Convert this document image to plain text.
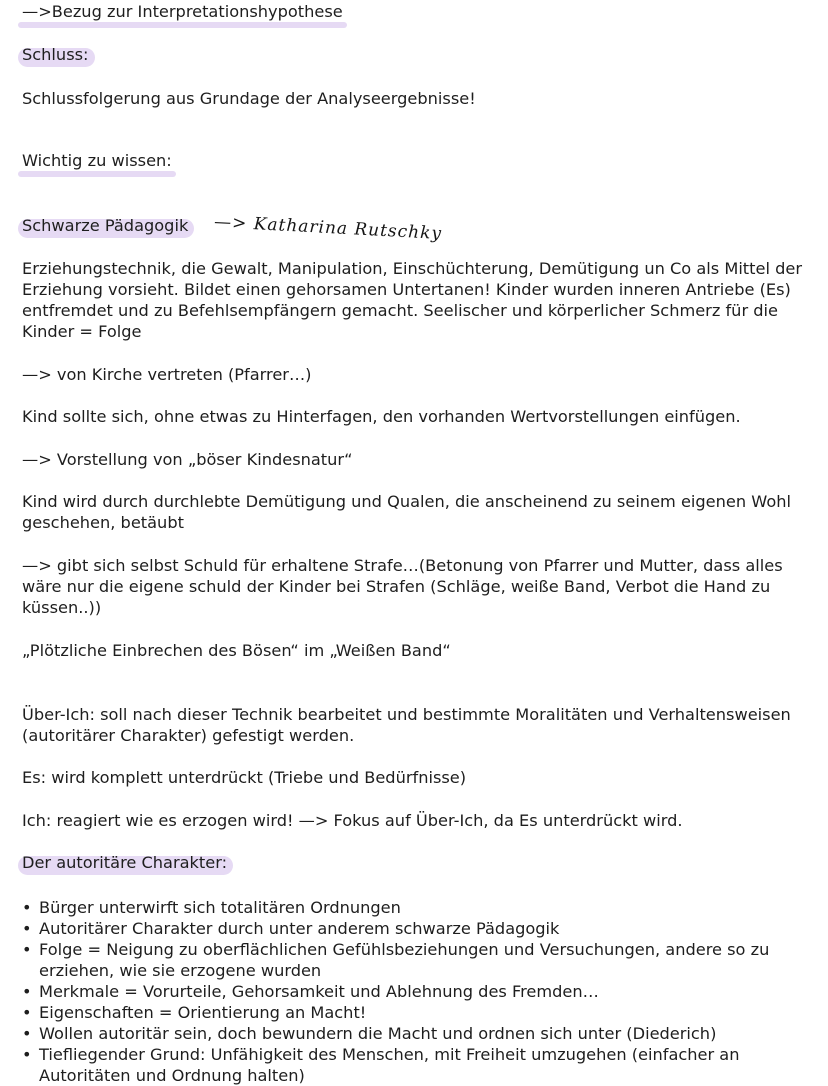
—>Bezug zur Interpretationshypothese

Schluss:

Schlussfolgerung aus Grundage der Analyseergebnisse!

Wichtig zu wissen:

Schwarze Pädagogik —> Katharina Rutschky

Erziehungstechnik, die Gewalt, Manipulation, Einschüchterung, Demütigung un Co als Mittel der Erziehung vorsieht. Bildet einen gehorsamen Untertanen! Kinder wurden inneren Antriebe (Es) entfremdet und zu Befehlsempfängern gemacht. Seelischer und körperlicher Schmerz für die Kinder = Folge

—> von Kirche vertreten (Pfarrer…)

Kind sollte sich, ohne etwas zu Hinterfagen, den vorhanden Wertvorstellungen einfügen.

—> Vorstellung von „böser Kindesnatur“

Kind wird durch durchlebte Demütigung und Qualen, die anscheinend zu seinem eigenen Wohl geschehen, betäubt

—> gibt sich selbst Schuld für erhaltene Strafe…(Betonung von Pfarrer und Mutter, dass alles wäre nur die eigene schuld der Kinder bei Strafen (Schläge, weiße Band, Verbot die Hand zu küssen..))

„Plötzliche Einbrechen des Bösen“ im „Weißen Band“

Über-Ich: soll nach dieser Technik bearbeitet und bestimmte Moralitäten und Verhaltensweisen (autoritärer Charakter) gefestigt werden.

Es: wird komplett unterdrückt (Triebe und Bedürfnisse)

Ich: reagiert wie es erzogen wird! —> Fokus auf Über-Ich, da Es unterdrückt wird.

Der autoritäre Charakter:

• Bürger unterwirft sich totalitären Ordnungen
• Autoritärer Charakter durch unter anderem schwarze Pädagogik
• Folge = Neigung zu oberflächlichen Gefühlsbeziehungen und Versuchungen, andere so zu erziehen, wie sie erzogene wurden
• Merkmale = Vorurteile, Gehorsamkeit und Ablehnung des Fremden…
• Eigenschaften = Orientierung an Macht!
• Wollen autoritär sein, doch bewundern die Macht und ordnen sich unter (Diederich)
• Tiefliegender Grund: Unfähigkeit des Menschen, mit Freiheit umzugehen (einfacher an Autoritäten und Ordnung halten)
